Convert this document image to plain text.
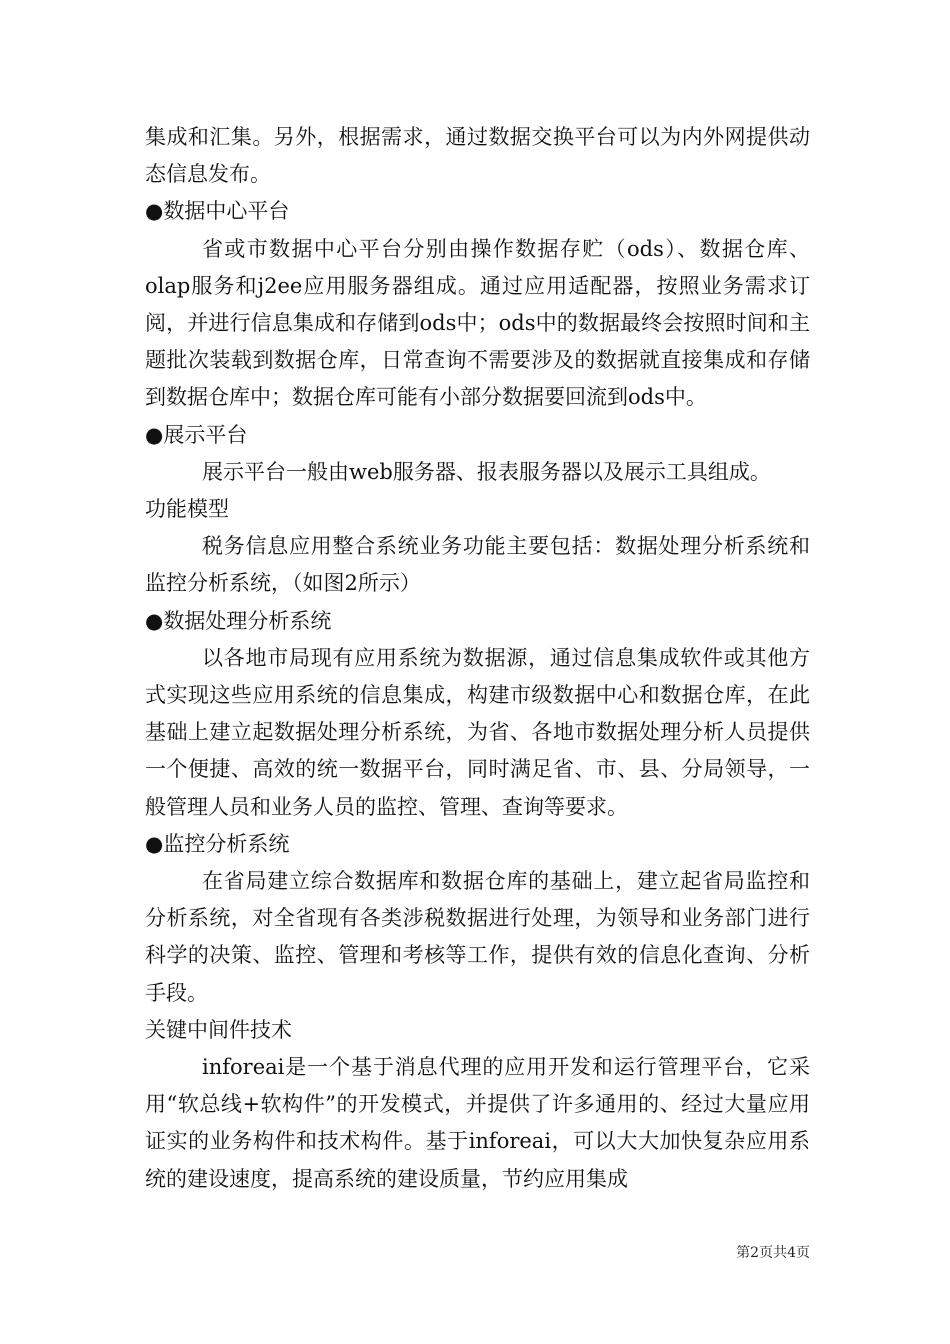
集成和汇集。另外，根据需求，通过数据交换平台可以为内外网提供动态信息发布。

●数据中心平台

省或市数据中心平台分别由操作数据存贮（ods）、数据仓库、olap服务和j2ee应用服务器组成。通过应用适配器，按照业务需求订阅，并进行信息集成和存储到ods中；ods中的数据最终会按照时间和主题批次装载到数据仓库，日常查询不需要涉及的数据就直接集成和存储到数据仓库中；数据仓库可能有小部分数据要回流到ods中。

●展示平台

展示平台一般由web服务器、报表服务器以及展示工具组成。

功能模型

税务信息应用整合系统业务功能主要包括：数据处理分析系统和监控分析系统，（如图2所示）

●数据处理分析系统

以各地市局现有应用系统为数据源，通过信息集成软件或其他方式实现这些应用系统的信息集成，构建市级数据中心和数据仓库，在此基础上建立起数据处理分析系统，为省、各地市数据处理分析人员提供一个便捷、高效的统一数据平台，同时满足省、市、县、分局领导，一般管理人员和业务人员的监控、管理、查询等要求。

●监控分析系统

在省局建立综合数据库和数据仓库的基础上，建立起省局监控和分析系统，对全省现有各类涉税数据进行处理，为领导和业务部门进行科学的决策、监控、管理和考核等工作，提供有效的信息化查询、分析手段。

关键中间件技术

inforeai是一个基于消息代理的应用开发和运行管理平台，它采用“软总线+软构件”的开发模式，并提供了许多通用的、经过大量应用证实的业务构件和技术构件。基于inforeai，可以大大加快复杂应用系统的建设速度，提高系统的建设质量，节约应用集成

第2页共4页
